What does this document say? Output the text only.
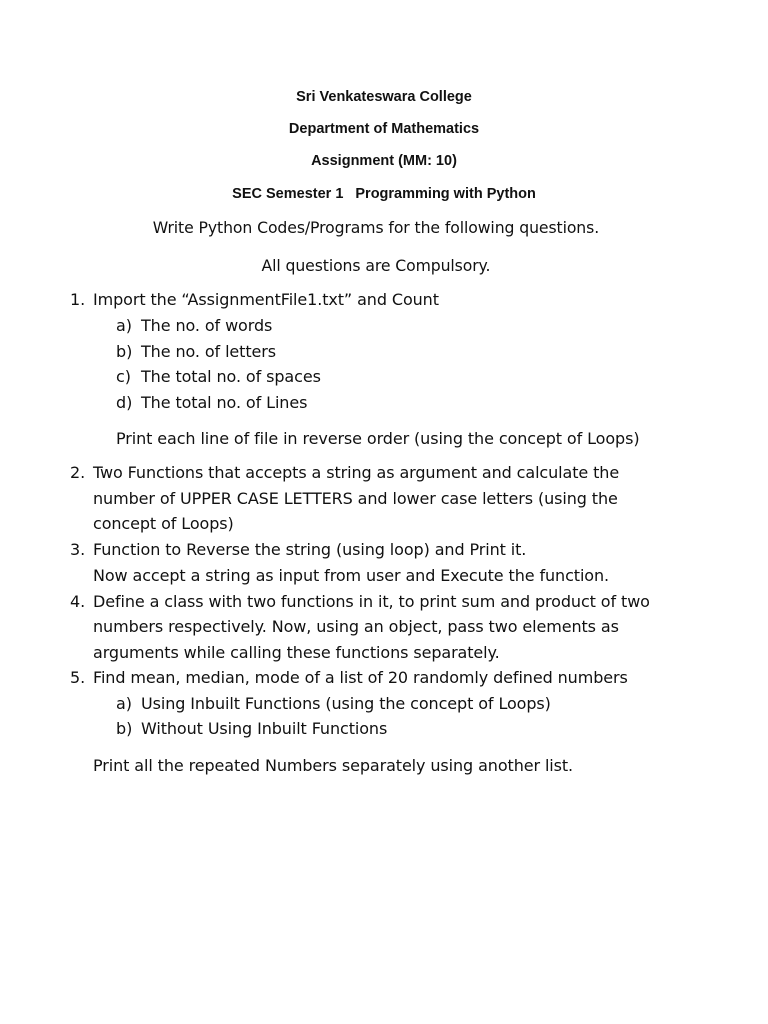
Sri Venkateswara College
Department of Mathematics
Assignment (MM: 10)
SEC Semester 1 Programming with Python
Write Python Codes/Programs for the following questions.
All questions are Compulsory.
1. Import the “AssignmentFile1.txt” and Count
a) The no. of words
b) The no. of letters
c) The total no. of spaces
d) The total no. of Lines
Print each line of file in reverse order (using the concept of Loops)
2. Two Functions that accepts a string as argument and calculate the
number of UPPER CASE LETTERS and lower case letters (using the
concept of Loops)
3. Function to Reverse the string (using loop) and Print it.
Now accept a string as input from user and Execute the function.
4. Define a class with two functions in it, to print sum and product of two
numbers respectively. Now, using an object, pass two elements as
arguments while calling these functions separately.
5. Find mean, median, mode of a list of 20 randomly defined numbers
a) Using Inbuilt Functions (using the concept of Loops)
b) Without Using Inbuilt Functions
Print all the repeated Numbers separately using another list.
